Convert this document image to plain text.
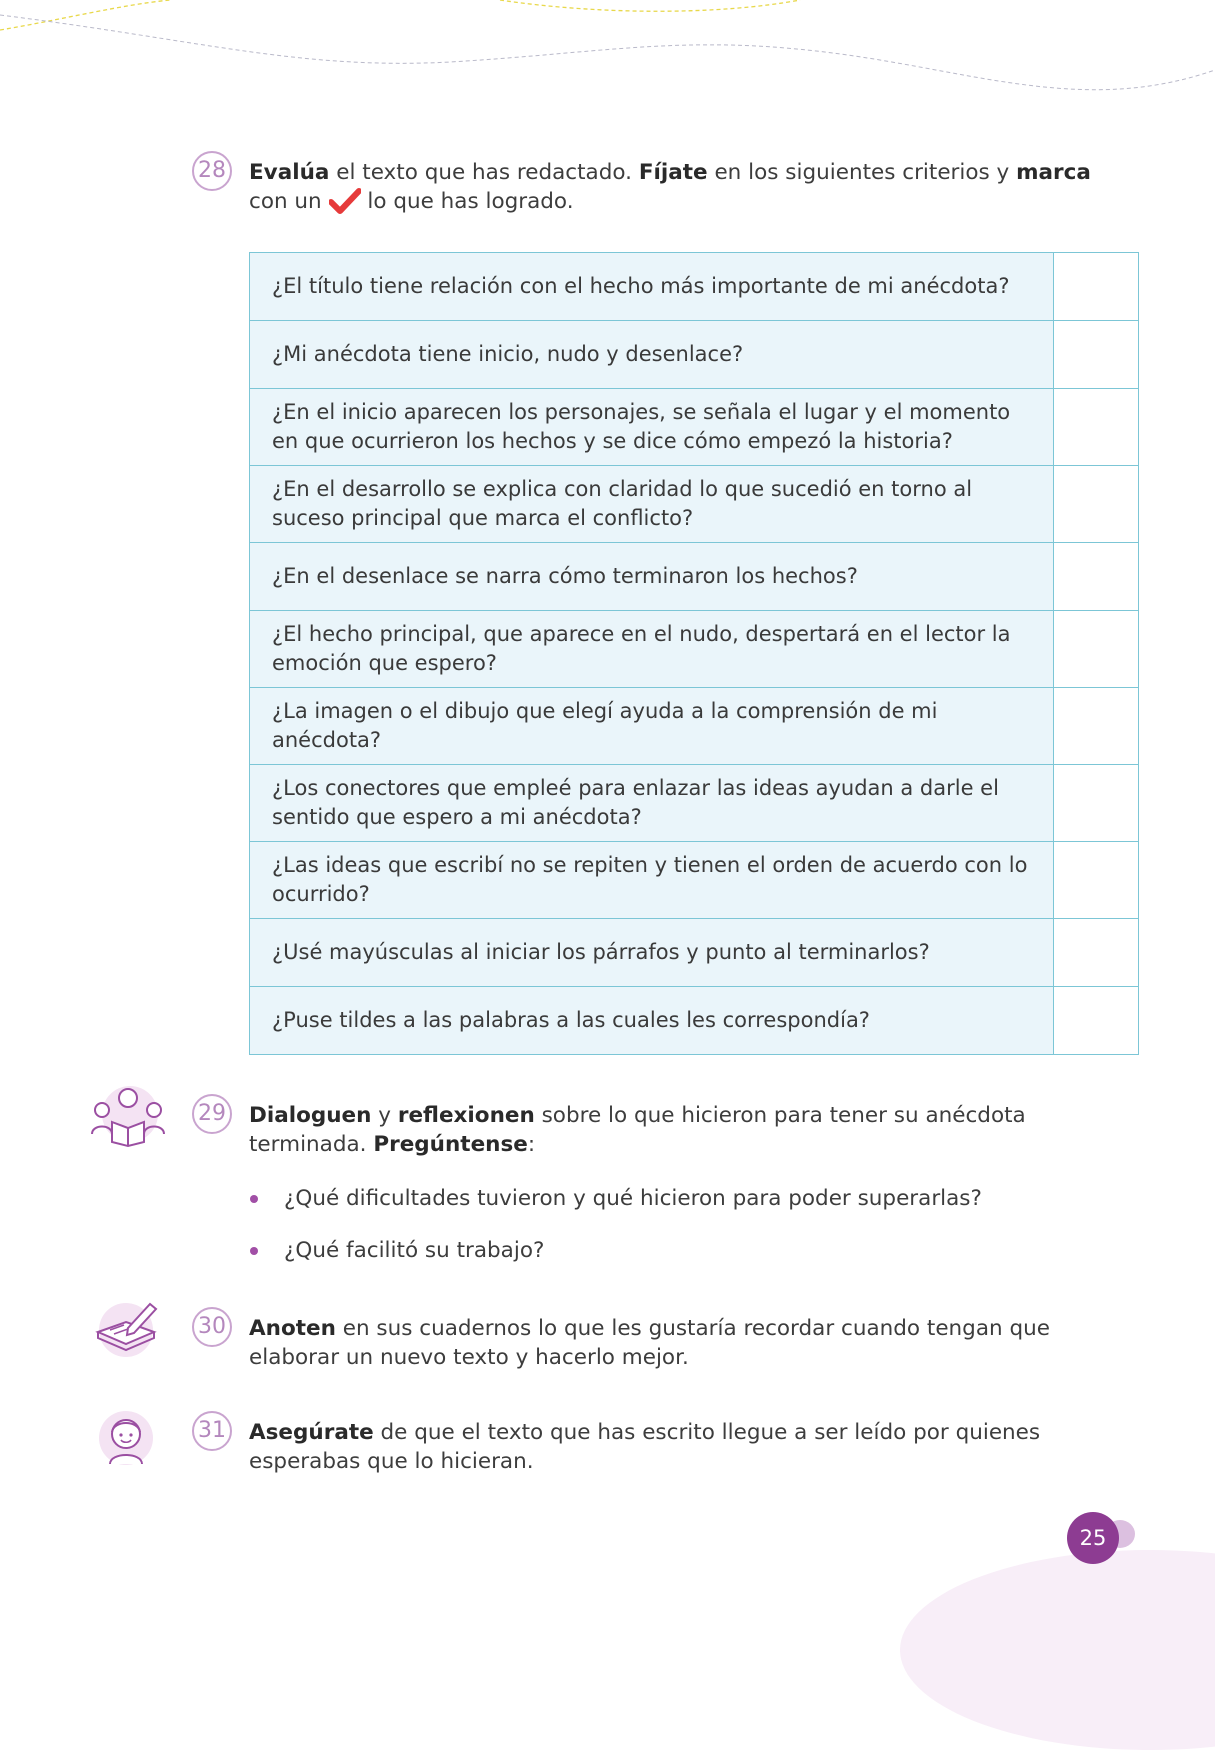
28 Evalúa el texto que has redactado. Fíjate en los siguientes criterios y marca
con un  lo que has logrado.
¿El título tiene relación con el hecho más importante de mi anécdota?	
¿Mi anécdota tiene inicio, nudo y desenlace?	
¿En el inicio aparecen los personajes, se señala el lugar y el momento en que ocurrieron los hechos y se dice cómo empezó la historia?	
¿En el desarrollo se explica con claridad lo que sucedió en torno al suceso principal que marca el conflicto?	
¿En el desenlace se narra cómo terminaron los hechos?	
¿El hecho principal, que aparece en el nudo, despertará en el lector la emoción que espero?	
¿La imagen o el dibujo que elegí ayuda a la comprensión de mi anécdota?	
¿Los conectores que empleé para enlazar las ideas ayudan a darle el sentido que espero a mi anécdota?	
¿Las ideas que escribí no se repiten y tienen el orden de acuerdo con lo ocurrido?	
¿Usé mayúsculas al iniciar los párrafos y punto al terminarlos?	
¿Puse tildes a las palabras a las cuales les correspondía?	
29 Dialoguen y reflexionen sobre lo que hicieron para tener su anécdota terminada. Pregúntense:
¿Qué dificultades tuvieron y qué hicieron para poder superarlas?
¿Qué facilitó su trabajo?
30 Anoten en sus cuadernos lo que les gustaría recordar cuando tengan que elaborar un nuevo texto y hacerlo mejor.
31 Asegúrate de que el texto que has escrito llegue a ser leído por quienes esperabas que lo hicieran.
25
